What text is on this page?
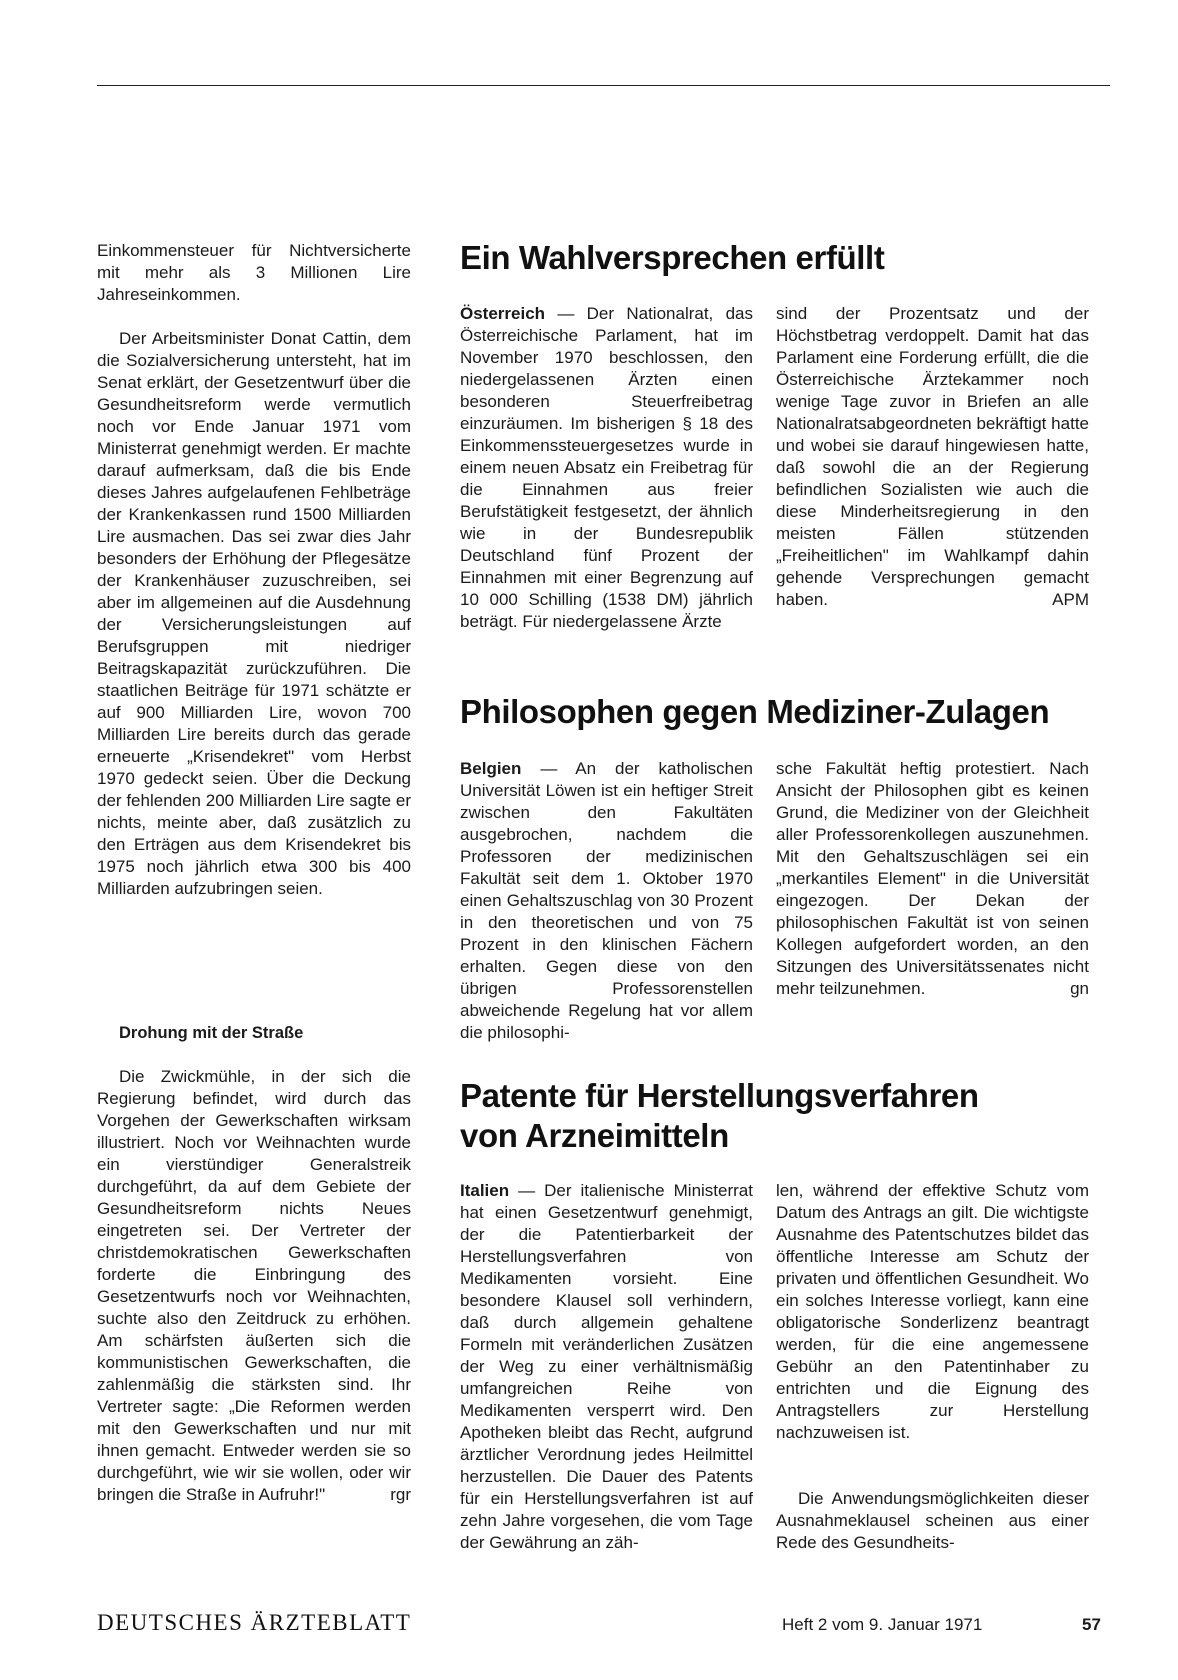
Einkommensteuer für Nichtversicherte mit mehr als 3 Millionen Lire Jahreseinkommen.

Der Arbeitsminister Donat Cattin, dem die Sozialversicherung untersteht, hat im Senat erklärt, der Gesetzentwurf über die Gesundheitsreform werde vermutlich noch vor Ende Januar 1971 vom Ministerrat genehmigt werden. Er machte darauf aufmerksam, daß die bis Ende dieses Jahres aufgelaufenen Fehlbeträge der Krankenkassen rund 1500 Milliarden Lire ausmachen. Das sei zwar dies Jahr besonders der Erhöhung der Pflegesätze der Krankenhäuser zuzuschreiben, sei aber im allgemeinen auf die Ausdehnung der Versicherungsleistungen auf Berufsgruppen mit niedriger Beitragskapazität zurückzuführen. Die staatlichen Beiträge für 1971 schätzte er auf 900 Milliarden Lire, wovon 700 Milliarden Lire bereits durch das gerade erneuerte „Krisendekret" vom Herbst 1970 gedeckt seien. Über die Deckung der fehlenden 200 Milliarden Lire sagte er nichts, meinte aber, daß zusätzlich zu den Erträgen aus dem Krisendekret bis 1975 noch jährlich etwa 300 bis 400 Milliarden aufzubringen seien.

Drohung mit der Straße

Die Zwickmühle, in der sich die Regierung befindet, wird durch das Vorgehen der Gewerkschaften wirksam illustriert. Noch vor Weihnachten wurde ein vierstündiger Generalstreik durchgeführt, da auf dem Gebiete der Gesundheitsreform nichts Neues eingetreten sei. Der Vertreter der christdemokratischen Gewerkschaften forderte die Einbringung des Gesetzentwurfs noch vor Weihnachten, suchte also den Zeitdruck zu erhöhen. Am schärfsten äußerten sich die kommunistischen Gewerkschaften, die zahlenmäßig die stärksten sind. Ihr Vertreter sagte: „Die Reformen werden mit den Gewerkschaften und nur mit ihnen gemacht. Entweder werden sie so durchgeführt, wie wir sie wollen, oder wir bringen die Straße in Aufruhr!"	rgr

Ein Wahlversprechen erfüllt

Österreich — Der Nationalrat, das Österreichische Parlament, hat im November 1970 beschlossen, den niedergelassenen Ärzten einen besonderen Steuerfreibetrag einzuräumen. Im bisherigen § 18 des Einkommenssteuergesetzes wurde in einem neuen Absatz ein Freibetrag für die Einnahmen aus freier Berufstätigkeit festgesetzt, der ähnlich wie in der Bundesrepublik Deutschland fünf Prozent der Einnahmen mit einer Begrenzung auf 10 000 Schilling (1538 DM) jährlich beträgt. Für niedergelassene Ärzte

sind der Prozentsatz und der Höchstbetrag verdoppelt. Damit hat das Parlament eine Forderung erfüllt, die die Österreichische Ärztekammer noch wenige Tage zuvor in Briefen an alle Nationalratsabgeordneten bekräftigt hatte und wobei sie darauf hingewiesen hatte, daß sowohl die an der Regierung befindlichen Sozialisten wie auch die diese Minderheitsregierung in den meisten Fällen stützenden „Freiheitlichen" im Wahlkampf dahin gehende Versprechungen gemacht haben.	APM

Philosophen gegen Mediziner-Zulagen

Belgien — An der katholischen Universität Löwen ist ein heftiger Streit zwischen den Fakultäten ausgebrochen, nachdem die Professoren der medizinischen Fakultät seit dem 1. Oktober 1970 einen Gehaltszuschlag von 30 Prozent in den theoretischen und von 75 Prozent in den klinischen Fächern erhalten. Gegen diese von den übrigen Professorenstellen abweichende Regelung hat vor allem die philosophi-

sche Fakultät heftig protestiert. Nach Ansicht der Philosophen gibt es keinen Grund, die Mediziner von der Gleichheit aller Professorenkollegen auszunehmen. Mit den Gehaltszuschlägen sei ein „merkantiles Element" in die Universität eingezogen. Der Dekan der philosophischen Fakultät ist von seinen Kollegen aufgefordert worden, an den Sitzungen des Universitätssenates nicht mehr teilzunehmen.	gn

Patente für Herstellungsverfahren
von Arzneimitteln

Italien — Der italienische Ministerrat hat einen Gesetzentwurf genehmigt, der die Patentierbarkeit der Herstellungsverfahren von Medikamenten vorsieht. Eine besondere Klausel soll verhindern, daß durch allgemein gehaltene Formeln mit veränderlichen Zusätzen der Weg zu einer verhältnismäßig umfangreichen Reihe von Medikamenten versperrt wird. Den Apotheken bleibt das Recht, aufgrund ärztlicher Verordnung jedes Heilmittel herzustellen. Die Dauer des Patents für ein Herstellungsverfahren ist auf zehn Jahre vorgesehen, die vom Tage der Gewährung an zäh-

len, während der effektive Schutz vom Datum des Antrags an gilt. Die wichtigste Ausnahme des Patentschutzes bildet das öffentliche Interesse am Schutz der privaten und öffentlichen Gesundheit. Wo ein solches Interesse vorliegt, kann eine obligatorische Sonderlizenz beantragt werden, für die eine angemessene Gebühr an den Patentinhaber zu entrichten und die Eignung des Antragstellers zur Herstellung nachzuweisen ist.

Die Anwendungsmöglichkeiten dieser Ausnahmeklausel scheinen aus einer Rede des Gesundheits-

DEUTSCHES ÄRZTEBLATT	Heft 2 vom 9. Januar 1971	57
